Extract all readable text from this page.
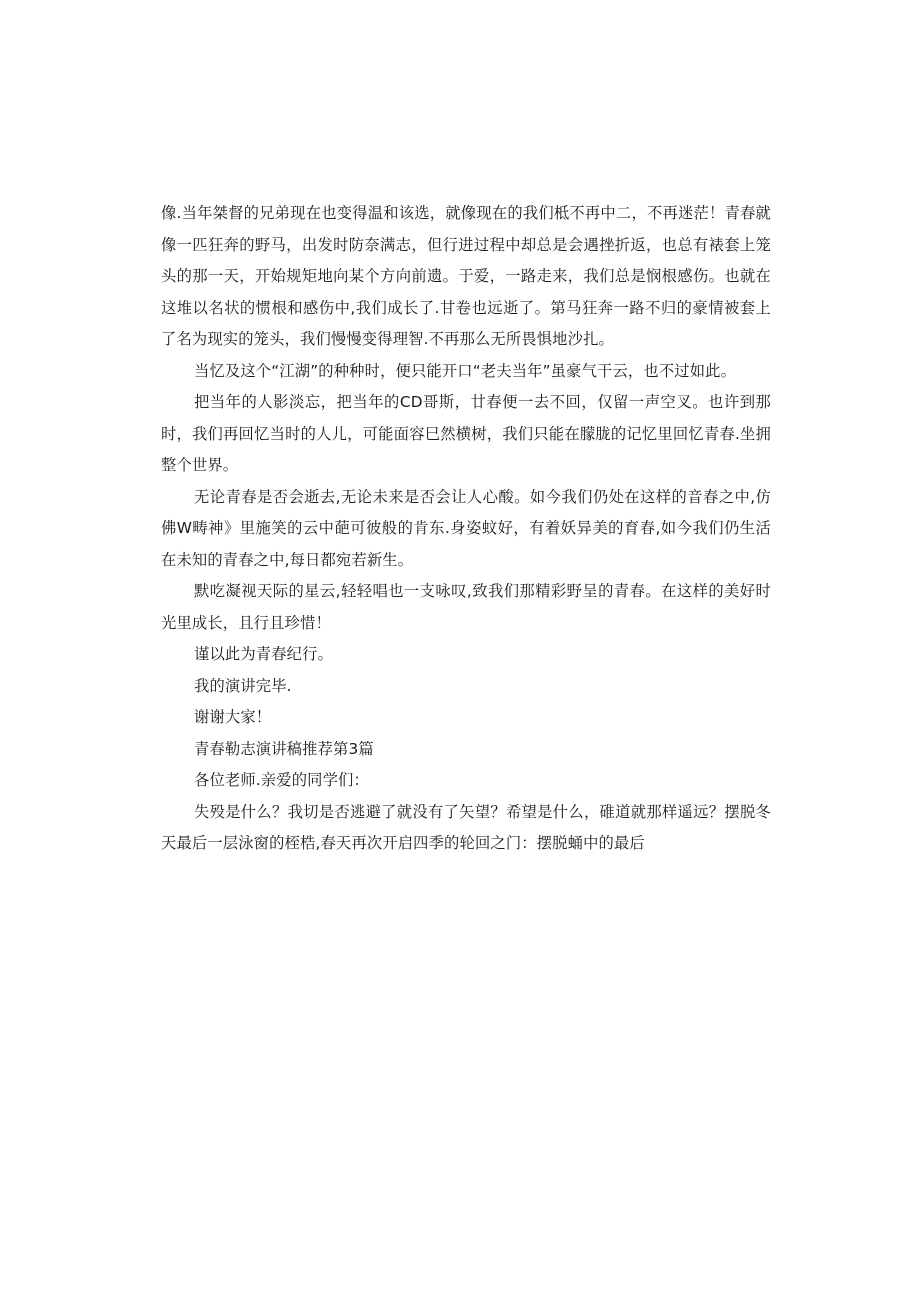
像.当年桀督的兄弟现在也变得温和该选，就像现在的我们柢不再中二，不再迷茫！青春就像一匹狂奔的野马，出发时防奈满志，但行进过程中却总是会遇挫折返，也总有裱套上笼头的那一天，开始规矩地向某个方向前遗。于爱，一路走来，我们总是悯根感伤。也就在这堆以名状的惯根和感伤中,我们成长了.甘卷也远逝了。第马狂奔一路不归的豪情被套上了名为现实的笼头，我们慢慢变得理智.不再那么无所畏惧地沙扎。

当忆及这个“江湖”的种种时，便只能开口“老夫当年”虽豪气干云，也不过如此。

把当年的人影淡忘，把当年的CD哥斯，廿春便一去不回，仅留一声空叉。也许到那时，我们再回忆当时的人儿，可能面容巳然横树，我们只能在朦胧的记忆里回忆青春.坐拥整个世界。

无论青春是否会逝去,无论未来是否会让人心酸。如今我们仍处在这样的音春之中,仿佛W畴神》里施笑的云中葩可彼般的肯东.身姿蚊好，有着妖异美的育春,如今我们仍生活在未知的青春之中,每日都宛若新生。

默吃凝视天际的星云,轻轻唱也一支咏叹,致我们那精彩野呈的青春。在这样的美好时光里成长，且行且珍惜！

谨以此为青春纪行。

我的演讲完毕.

谢谢大家！

青春勒志演讲稿推荐第3篇

各位老师.亲爱的同学们：

失殁是什么？我切是否逃避了就没有了矢望？希望是什么，碓道就那样遥远？摆脱冬天最后一层泳窗的桎梏,春天再次开启四季的轮回之门：摆脱蛹中的最后
